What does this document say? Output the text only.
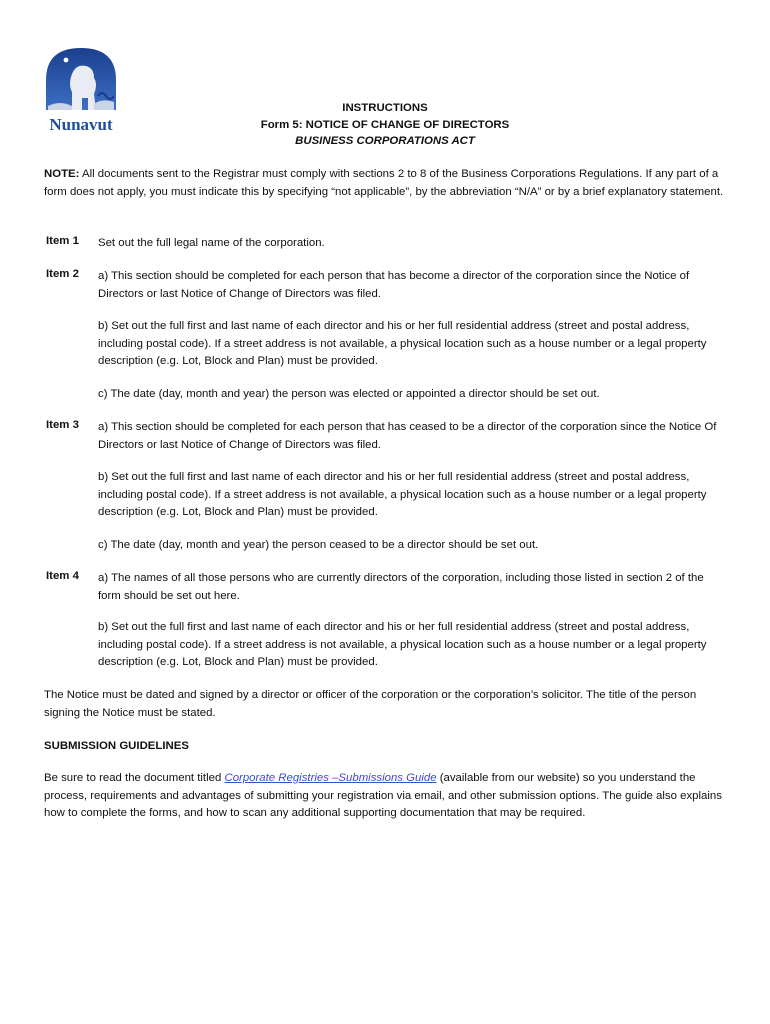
Nunavut
INSTRUCTIONS
Form 5: NOTICE OF CHANGE OF DIRECTORS
BUSINESS CORPORATIONS ACT
NOTE: All documents sent to the Registrar must comply with sections 2 to 8 of the Business Corporations Regulations. If any part of a form does not apply, you must indicate this by specifying “not applicable”, by the abbreviation “N/A” or by a brief explanatory statement.
Item 1 Set out the full legal name of the corporation.
Item 2 a) This section should be completed for each person that has become a director of the corporation since the Notice of Directors or last Notice of Change of Directors was filed.
b) Set out the full first and last name of each director and his or her full residential address (street and postal address, including postal code). If a street address is not available, a physical location such as a house number or a legal property description (e.g. Lot, Block and Plan) must be provided.
c) The date (day, month and year) the person was elected or appointed a director should be set out.
Item 3 a) This section should be completed for each person that has ceased to be a director of the corporation since the Notice Of Directors or last Notice of Change of Directors was filed.
b) Set out the full first and last name of each director and his or her full residential address (street and postal address, including postal code). If a street address is not available, a physical location such as a house number or a legal property description (e.g. Lot, Block and Plan) must be provided.
c) The date (day, month and year) the person ceased to be a director should be set out.
Item 4 a) The names of all those persons who are currently directors of the corporation, including those listed in section 2 of the form should be set out here.
b) Set out the full first and last name of each director and his or her full residential address (street and postal address, including postal code). If a street address is not available, a physical location such as a house number or a legal property description (e.g. Lot, Block and Plan) must be provided.
The Notice must be dated and signed by a director or officer of the corporation or the corporation’s solicitor. The title of the person signing the Notice must be stated.
SUBMISSION GUIDELINES
Be sure to read the document titled Corporate Registries –Submissions Guide (available from our website) so you understand the process, requirements and advantages of submitting your registration via email, and other submission options. The guide also explains how to complete the forms, and how to scan any additional supporting documentation that may be required.
